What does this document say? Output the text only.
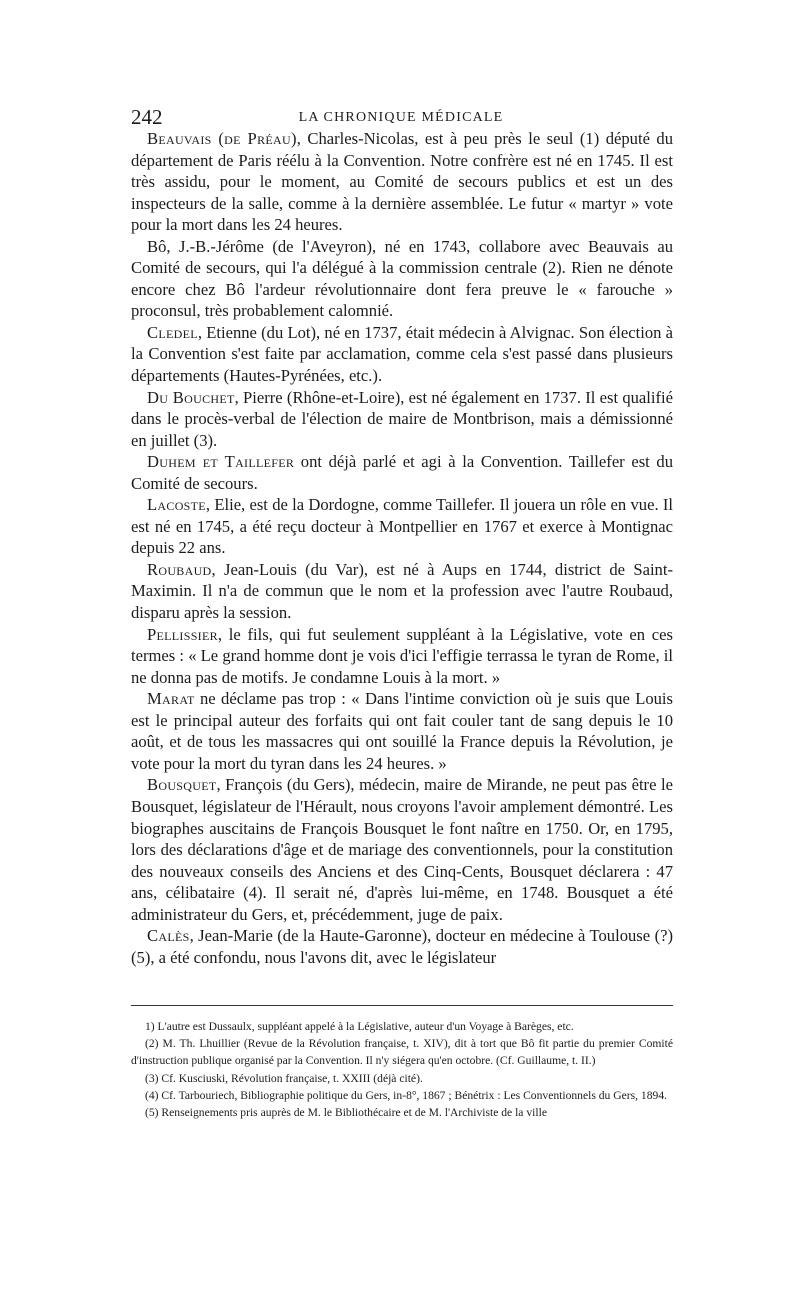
242	LA CHRONIQUE MÉDICALE

Beauvais (de Préau), Charles-Nicolas, est à peu près le seul (1) député du département de Paris réélu à la Convention. Notre confrère est né en 1745. Il est très assidu, pour le moment, au Comité de secours publics et est un des inspecteurs de la salle, comme à la dernière assemblée. Le futur « martyr » vote pour la mort dans les 24 heures.

Bô, J.-B.-Jérôme (de l'Aveyron), né en 1743, collabore avec Beauvais au Comité de secours, qui l'a délégué à la commission centrale (2). Rien ne dénote encore chez Bô l'ardeur révolutionnaire dont fera preuve le « farouche » proconsul, très probablement calomnié.

Cledel, Etienne (du Lot), né en 1737, était médecin à Alvignac. Son élection à la Convention s'est faite par acclamation, comme cela s'est passé dans plusieurs départements (Hautes-Pyrénées, etc.).

Du Bouchet, Pierre (Rhône-et-Loire), est né également en 1737. Il est qualifié dans le procès-verbal de l'élection de maire de Montbrison, mais a démissionné en juillet (3).

Duhem et Taillefer ont déjà parlé et agi à la Convention. Taillefer est du Comité de secours.

Lacoste, Elie, est de la Dordogne, comme Taillefer. Il jouera un rôle en vue. Il est né en 1745, a été reçu docteur à Montpellier en 1767 et exerce à Montignac depuis 22 ans.

Roubaud, Jean-Louis (du Var), est né à Aups en 1744, district de Saint-Maximin. Il n'a de commun que le nom et la profession avec l'autre Roubaud, disparu après la session.

Pellissier, le fils, qui fut seulement suppléant à la Législative, vote en ces termes : « Le grand homme dont je vois d'ici l'effigie terrassa le tyran de Rome, il ne donna pas de motifs. Je condamne Louis à la mort. »

Marat ne déclame pas trop : « Dans l'intime conviction où je suis que Louis est le principal auteur des forfaits qui ont fait couler tant de sang depuis le 10 août, et de tous les massacres qui ont souillé la France depuis la Révolution, je vote pour la mort du tyran dans les 24 heures. »

Bousquet, François (du Gers), médecin, maire de Mirande, ne peut pas être le Bousquet, législateur de l'Hérault, nous croyons l'avoir amplement démontré. Les biographes auscitains de François Bousquet le font naître en 1750. Or, en 1795, lors des déclarations d'âge et de mariage des conventionnels, pour la constitution des nouveaux conseils des Anciens et des Cinq-Cents, Bousquet déclarera : 47 ans, célibataire (4). Il serait né, d'après lui-même, en 1748. Bousquet a été administrateur du Gers, et, précédemment, juge de paix.

Calès, Jean-Marie (de la Haute-Garonne), docteur en médecine à Toulouse (?) (5), a été confondu, nous l'avons dit, avec le législateur

1) L'autre est Dussaulx, suppléant appelé à la Législative, auteur d'un Voyage à Barèges, etc.

(2) M. Th. Lhuillier (Revue de la Révolution française, t. XIV), dit à tort que Bô fit partie du premier Comité d'instruction publique organisé par la Convention. Il n'y siégera qu'en octobre. (Cf. Guillaume, t. II.)

(3) Cf. Kusciuski, Révolution française, t. XXIII (déjà cité).

(4) Cf. Tarbouriech, Bibliographie politique du Gers, in-8°, 1867 ; Bénétrix : Les Conventionnels du Gers, 1894.

(5) Renseignements pris auprès de M. le Bibliothécaire et de M. l'Archiviste de la ville
